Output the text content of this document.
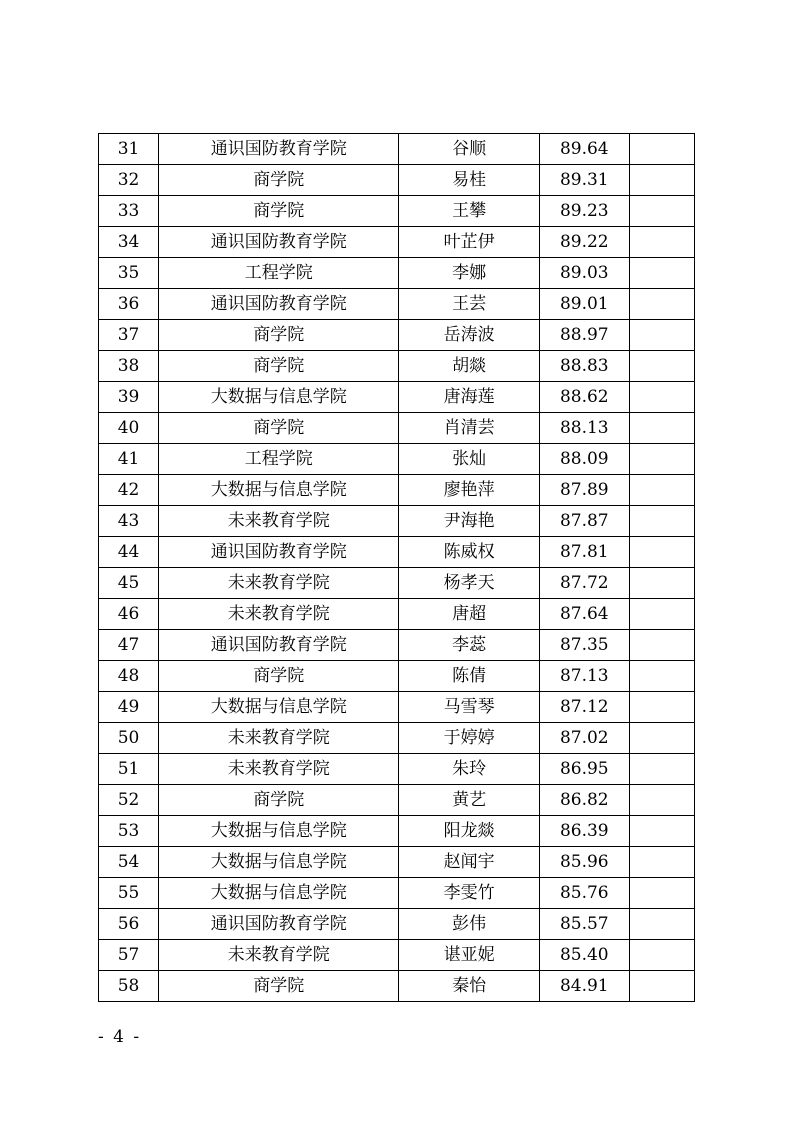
31	通识国防教育学院	谷顺	89.64	
32	商学院	易桂	89.31	
33	商学院	王攀	89.23	
34	通识国防教育学院	叶芷伊	89.22	
35	工程学院	李娜	89.03	
36	通识国防教育学院	王芸	89.01	
37	商学院	岳涛波	88.97	
38	商学院	胡燚	88.83	
39	大数据与信息学院	唐海莲	88.62	
40	商学院	肖清芸	88.13	
41	工程学院	张灿	88.09	
42	大数据与信息学院	廖艳萍	87.89	
43	未来教育学院	尹海艳	87.87	
44	通识国防教育学院	陈威权	87.81	
45	未来教育学院	杨孝天	87.72	
46	未来教育学院	唐超	87.64	
47	通识国防教育学院	李蕊	87.35	
48	商学院	陈倩	87.13	
49	大数据与信息学院	马雪琴	87.12	
50	未来教育学院	于婷婷	87.02	
51	未来教育学院	朱玲	86.95	
52	商学院	黄艺	86.82	
53	大数据与信息学院	阳龙燚	86.39	
54	大数据与信息学院	赵闻宇	85.96	
55	大数据与信息学院	李雯竹	85.76	
56	通识国防教育学院	彭伟	85.57	
57	未来教育学院	谌亚妮	85.40	
58	商学院	秦怡	84.91	
- 4 -
